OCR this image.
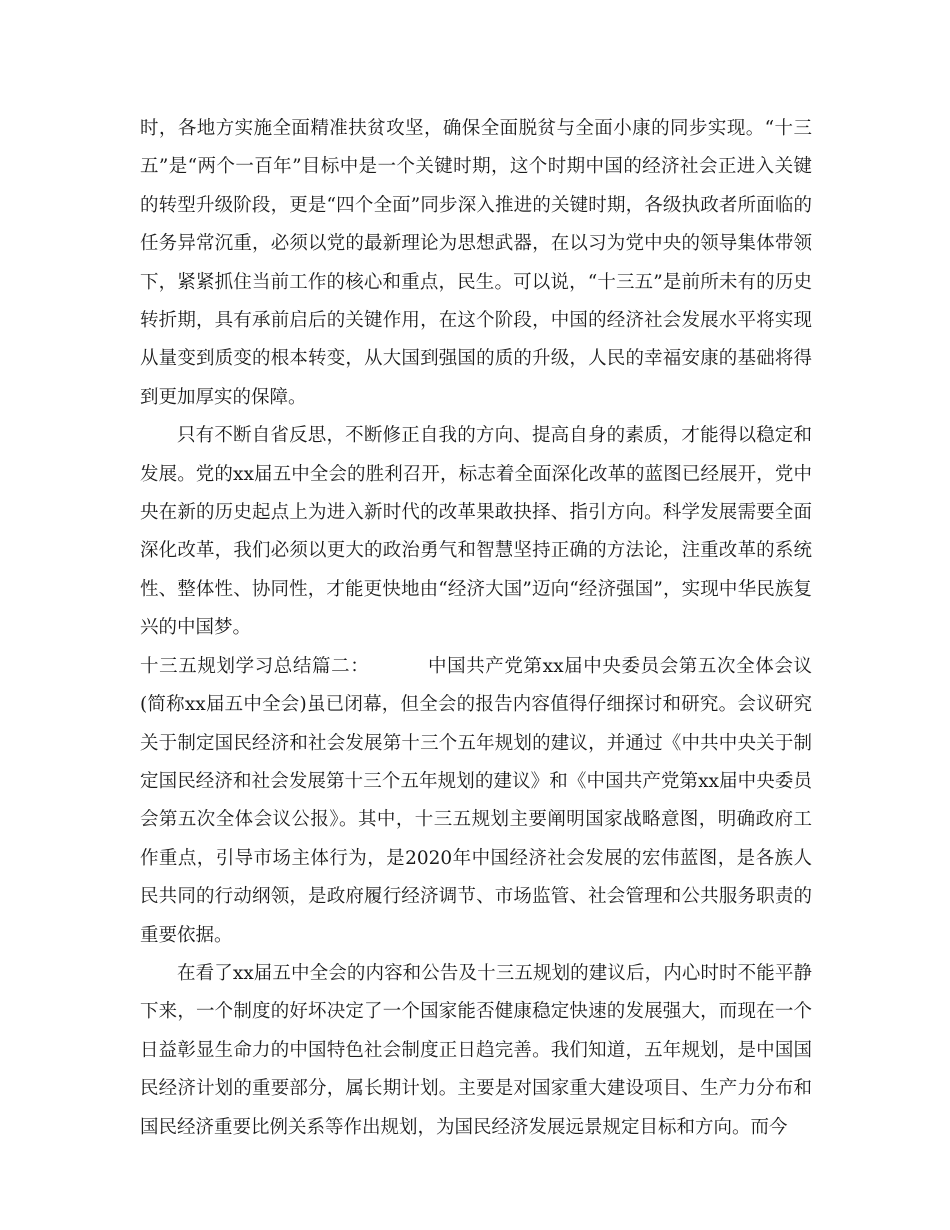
时，各地方实施全面精准扶贫攻坚，确保全面脱贫与全面小康的同步实现。“十三五”是“两个一百年”目标中是一个关键时期，这个时期中国的经济社会正进入关键的转型升级阶段，更是“四个全面”同步深入推进的关键时期，各级执政者所面临的任务异常沉重，必须以党的最新理论为思想武器，在以习为党中央的领导集体带领下，紧紧抓住当前工作的核心和重点，民生。可以说，“十三五”是前所未有的历史转折期，具有承前启后的关键作用，在这个阶段，中国的经济社会发展水平将实现从量变到质变的根本转变，从大国到强国的质的升级，人民的幸福安康的基础将得到更加厚实的保障。

只有不断自省反思，不断修正自我的方向、提高自身的素质，才能得以稳定和发展。党的xx届五中全会的胜利召开，标志着全面深化改革的蓝图已经展开，党中央在新的历史起点上为进入新时代的改革果敢抉择、指引方向。科学发展需要全面深化改革，我们必须以更大的政治勇气和智慧坚持正确的方法论，注重改革的系统性、整体性、协同性，才能更快地由“经济大国”迈向“经济强国”，实现中华民族复兴的中国梦。

十三五规划学习总结篇二：	中国共产党第xx届中央委员会第五次全体会议(简称xx届五中全会)虽已闭幕，但全会的报告内容值得仔细探讨和研究。会议研究关于制定国民经济和社会发展第十三个五年规划的建议，并通过《中共中央关于制定国民经济和社会发展第十三个五年规划的建议》和《中国共产党第xx届中央委员会第五次全体会议公报》。其中，十三五规划主要阐明国家战略意图，明确政府工作重点，引导市场主体行为，是2020年中国经济社会发展的宏伟蓝图，是各族人民共同的行动纲领，是政府履行经济调节、市场监管、社会管理和公共服务职责的重要依据。

在看了xx届五中全会的内容和公告及十三五规划的建议后，内心时时不能平静下来，一个制度的好坏决定了一个国家能否健康稳定快速的发展强大，而现在一个日益彰显生命力的中国特色社会制度正日趋完善。我们知道，五年规划，是中国国民经济计划的重要部分，属长期计划。主要是对国家重大建设项目、生产力分布和国民经济重要比例关系等作出规划，为国民经济发展远景规定目标和方向。而今
